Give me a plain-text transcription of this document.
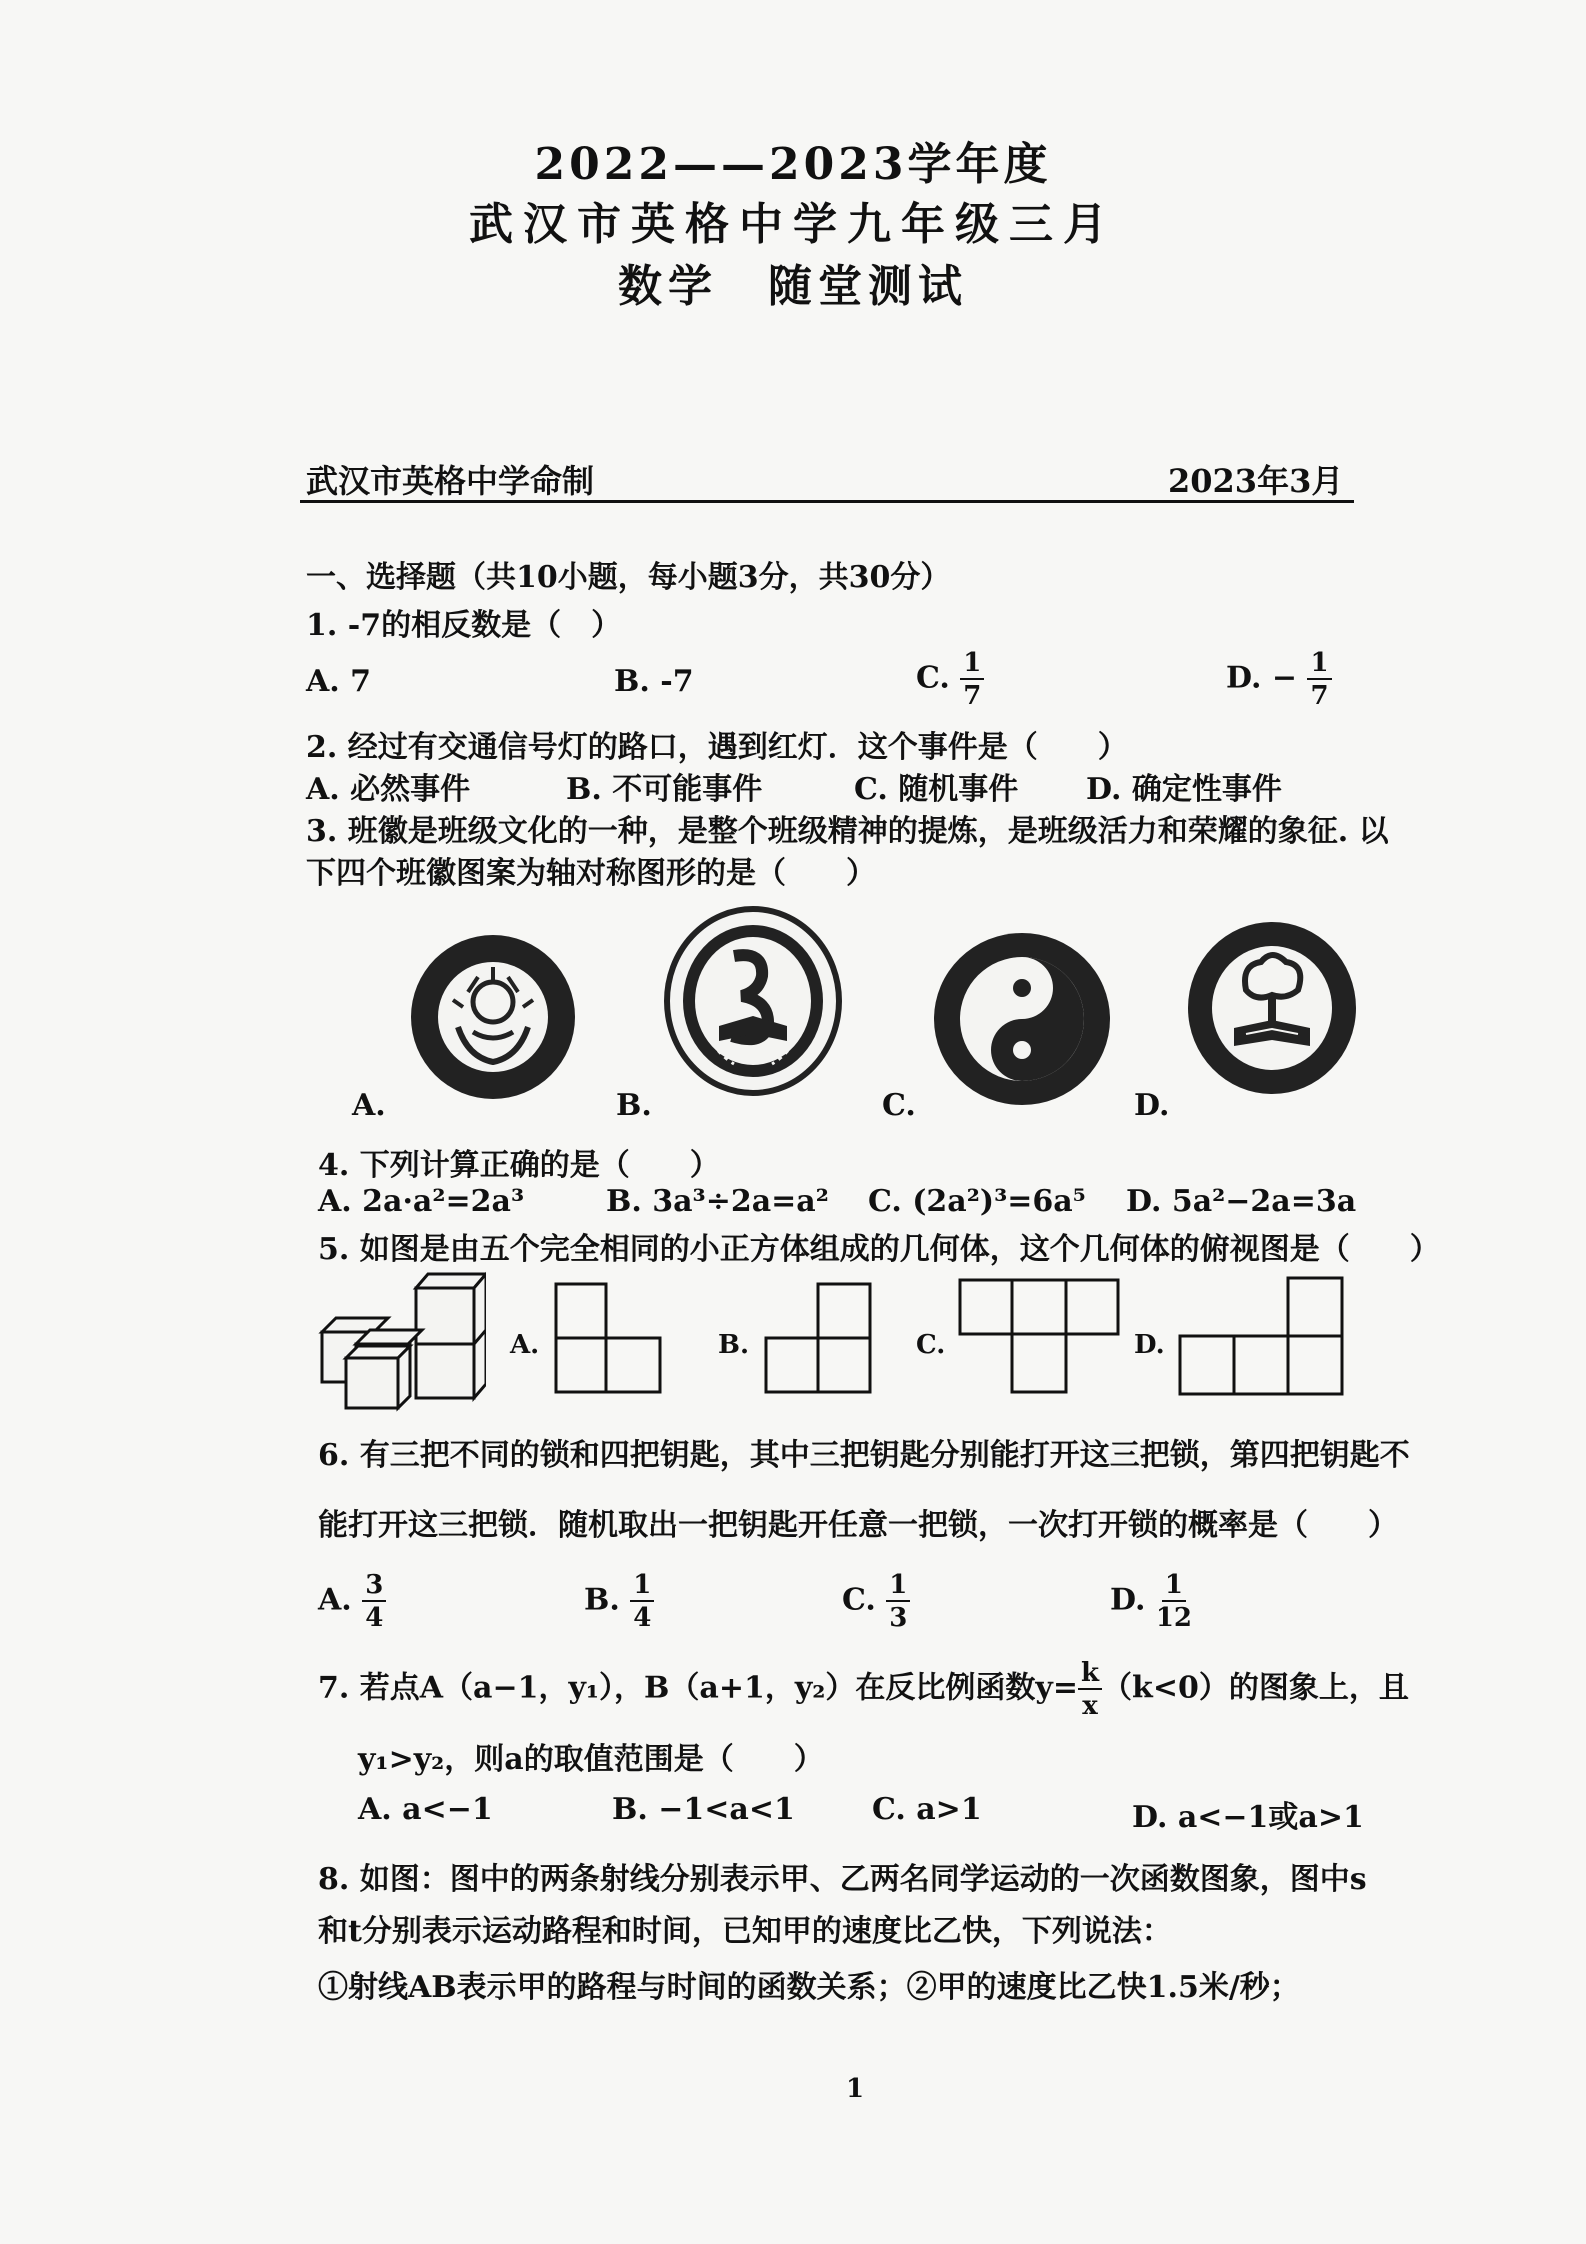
2022——2023学年度
武汉市英格中学九年级三月
数学　随堂测试
武汉市英格中学命制	2023年3月
一、选择题（共10小题，每小题3分，共30分）
1. -7的相反数是（　）
A. 7	B. -7	C. $\frac{1}{7}$	D. − $\frac{1}{7}$
2. 经过有交通信号灯的路口，遇到红灯．这个事件是（　　）
A. 必然事件	B. 不可能事件	C. 随机事件 D. 确定性事件
3. 班徽是班级文化的一种，是整个班级精神的提炼，是班级活力和荣耀的象征. 以
下四个班徽图案为轴对称图形的是（　　）
A.	B.	C.	D.
4. 下列计算正确的是（　　）
A. 2a·a²=2a³	B. 3a³÷2a=a² C. (2a²)³=6a⁵ D. 5a²−2a=3a
5. 如图是由五个完全相同的小正方体组成的几何体，这个几何体的俯视图是（　　）
A.	B.	C.	D.
6. 有三把不同的锁和四把钥匙，其中三把钥匙分别能打开这三把锁，第四把钥匙不
能打开这三把锁．随机取出一把钥匙开任意一把锁，一次打开锁的概率是（　　）
A. $\frac{3}{4}$	B. $\frac{1}{4}$	C. $\frac{1}{3}$	D. $\frac{1}{12}$
7. 若点A（a−1，y₁），B（a+1，y₂）在反比例函数$y= \frac{k}{x} (k<0)$的图象上，且
y₁>y₂，则a的取值范围是（　　）
A. a<−1	B. −1<a<1	C. a>1	D. a<−1或a>1
8. 如图：图中的两条射线分别表示甲、乙两名同学运动的一次函数图象，图中s
和t分别表示运动路程和时间，已知甲的速度比乙快，下列说法：
①射线AB表示甲的路程与时间的函数关系；②甲的速度比乙快1.5米/秒；
1
